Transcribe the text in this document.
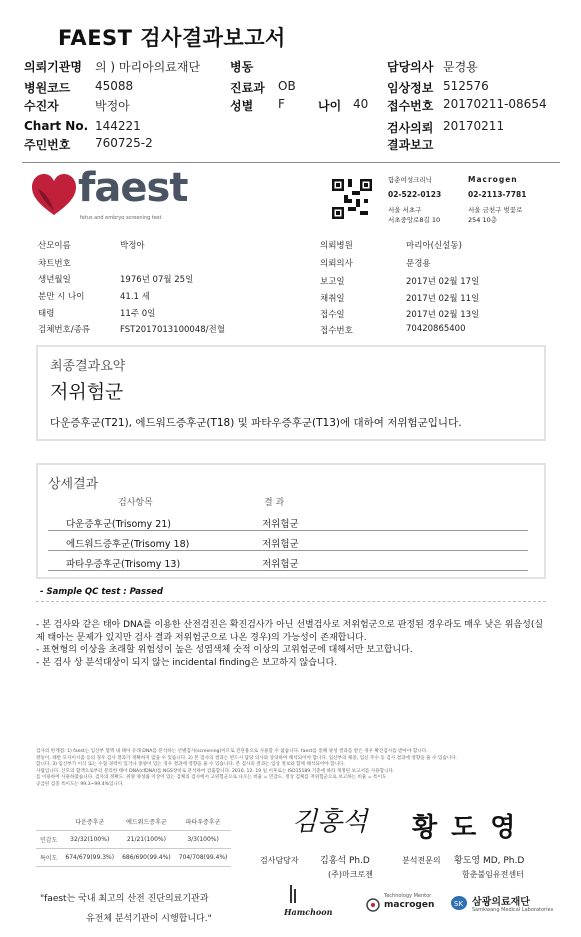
FAEST 검사결과보고서
의뢰기관명 의 ) 마리아의료재단
병원코드 45088
수진자	박정아
Chart No. 144221
주민번호 760725-2
병동
진료과 OB
성별 F	나이 40
담당의사 문경용
임상정보 512576
접수번호 20170211-08654
검사의뢰 20170211
결과보고
faest
fetus and embryo screening test
함춘여성크리닉
02-522-0123
서울 서초구
서초중앙로8길 10
Macrogen
02-2113-7781
서울 금천구 벚꽃로
254 10층
산모이름	박정아
챠트번호
생년월일	1976년 07월 25일
분만 시 나이	41.1 세
태령	11주 0일
검체번호/종류	FST2017013100048/전혈
의뢰병원	마리아(신설동)
의뢰의사	문경용
보고일	2017년 02월 17일
채취일	2017년 02월 11일
접수일	2017년 02월 13일
접수번호	70420865400
최종결과요약
저위험군
다운증후군(T21), 에드워드증후군(T18) 및 파타우증후군(T13)에 대하여 저위험군입니다.
상세결과
검사항목	결 과
다운증후군(Trisomy 21)	저위험군
에드워드증후군(Trisomy 18)	저위험군
파타우증후군(Trisomy 13)	저위험군
- Sample QC test : Passed
- 본 검사와 같은 태아 DNA를 이용한 산전검진은 확진검사가 아닌 선별검사로 저위험군으로 판정된 경우라도 매우 낮은 위음성(실
제 태아는 문제가 있지만 검사 결과 저위험군으로 나온 경우)의 가능성이 존재합니다.
- 표현형의 이상을 초래할 위험성이 높은 성염색체 숫적 이상의 고위험군에 대해서만 보고합니다.
- 본 검사 상 분석대상이 되지 않는 incidental finding은 보고하지 않습니다.
검사의 한계점: 1) faest는 임산부 혈액 내 태아 유래 DNA를 분석하는 선별검사(screening)이므로 진단용으로 사용할 수 없습니다. faest를 통해 양성 결과를 받은 경우 확진검사를 받아야 합니다.
쌍둥이, 태반 모자이시즘 등의 경우 검사 결과가 정확하지 않을 수 있습니다. 2) 본 검사의 결과는 반드시 담당 의사와 상의하여 해석되어야 합니다. 임산부의 체중, 임신 주수 등 검사 결과에 영향을 줄 수 있습니다.
합니다. 3) 임산부가 이식 또는 수혈 경력이 있거나 종양이 있는 경우 결과에 영향을 줄 수 있습니다. 본 검사의 결과는 임상 정보와 함께 해석되어야 합니다.
사람입니다. 산모의 혈액으로부터 분리한 태아 DNA(cfDNA)를 NGS장비로 분석하여 검출합니다. 2016. 12. 19 일 이후로는 ISO15189 기준에 따라 개정된 보고서를 사용합니다.
를 이용하여 사용하였습니다. 검사의 정확도: 위양 양성률 이상이 있는 검체의 검사에서 고위험군으로 나오는 비율 = 민감도, 정상 검체를 저위험군으로 보고하는 비율 = 특이도
공급된 검증 특이도는 99.3~99.4%입니다.
	다운증후군	에드워드증후군	파타우증후군
민감도	32/32(100%)	21/21(100%)	3/3(100%)
특이도	674/679(99.3%)	686/690(99.4%)	704/708(99.4%)
김홍석 황도영
검사담당자 김홍석 Ph.D
(주)마크로젠
분석전문의 황도영 MD, Ph.D
함춘불임유전센터
"faest는 국내 최고의 산전 진단의료기관과
유전체 분석기관이 시행합니다."
Hamchoon
Technology Mentor
macrogen	SK 삼광의료재단
Samkwang Medical Laboratories
